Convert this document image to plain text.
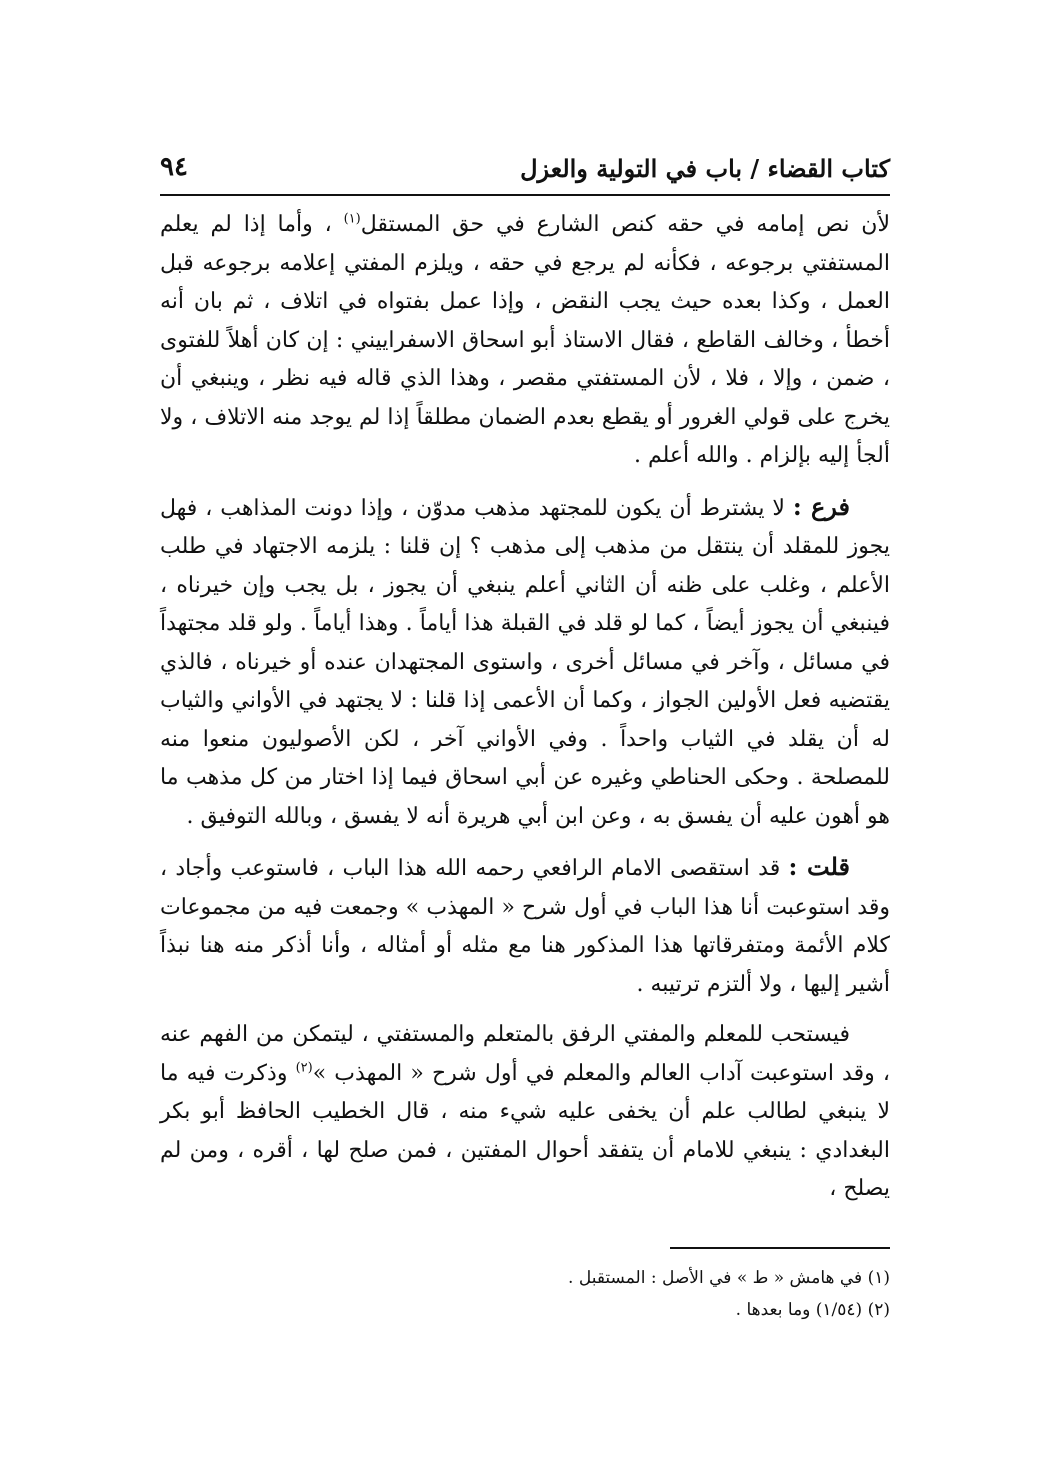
كتاب القضاء / باب في التولية والعزل
٩٤

لأن نص إمامه في حقه كنص الشارع في حق المستقل$^{(١)}$ ، وأما إذا لم يعلم المستفتي برجوعه ، فكأنه لم يرجع في حقه ، ويلزم المفتي إعلامه برجوعه قبل العمل ، وكذا بعده حيث يجب النقض ، وإذا عمل بفتواه في اتلاف ، ثم بان أنه أخطأ ، وخالف القاطع ، فقال الاستاذ أبو اسحاق الاسفراييني : إن كان أهلاً للفتوى ، ضمن ، وإلا ، فلا ، لأن المستفتي مقصر ، وهذا الذي قاله فيه نظر ، وينبغي أن يخرج على قولي الغرور أو يقطع بعدم الضمان مطلقاً إذا لم يوجد منه الاتلاف ، ولا ألجأ إليه بإلزام . والله أعلم .

فرع : لا يشترط أن يكون للمجتهد مذهب مدوّن ، وإذا دونت المذاهب ، فهل يجوز للمقلد أن ينتقل من مذهب إلى مذهب ؟ إن قلنا : يلزمه الاجتهاد في طلب الأعلم ، وغلب على ظنه أن الثاني أعلم ينبغي أن يجوز ، بل يجب وإن خيرناه ، فينبغي أن يجوز أيضاً ، كما لو قلد في القبلة هذا أياماً . وهذا أياماً . ولو قلد مجتهداً في مسائل ، وآخر في مسائل أخرى ، واستوى المجتهدان عنده أو خيرناه ، فالذي يقتضيه فعل الأولين الجواز ، وكما أن الأعمى إذا قلنا : لا يجتهد في الأواني والثياب له أن يقلد في الثياب واحداً . وفي الأواني آخر ، لكن الأصوليون منعوا منه للمصلحة . وحكى الحناطي وغيره عن أبي اسحاق فيما إذا اختار من كل مذهب ما هو أهون عليه أن يفسق به ، وعن ابن أبي هريرة أنه لا يفسق ، وبالله التوفيق .

قلت : قد استقصى الامام الرافعي رحمه الله هذا الباب ، فاستوعب وأجاد ، وقد استوعبت أنا هذا الباب في أول شرح « المهذب » وجمعت فيه من مجموعات كلام الأئمة ومتفرقاتها هذا المذكور هنا مع مثله أو أمثاله ، وأنا أذكر منه هنا نبذاً أشير إليها ، ولا ألتزم ترتيبه .

فيستحب للمعلم والمفتي الرفق بالمتعلم والمستفتي ، ليتمكن من الفهم عنه ، وقد استوعبت آداب العالم والمعلم في أول شرح « المهذب »$^{(٢)}$ وذكرت فيه ما لا ينبغي لطالب علم أن يخفى عليه شيء منه ، قال الخطيب الحافظ أبو بكر البغدادي : ينبغي للامام أن يتفقد أحوال المفتين ، فمن صلح لها ، أقره ، ومن لم يصلح ،

(١) في هامش « ط » في الأصل : المستقبل .

(٢) (١/٥٤) وما بعدها .
